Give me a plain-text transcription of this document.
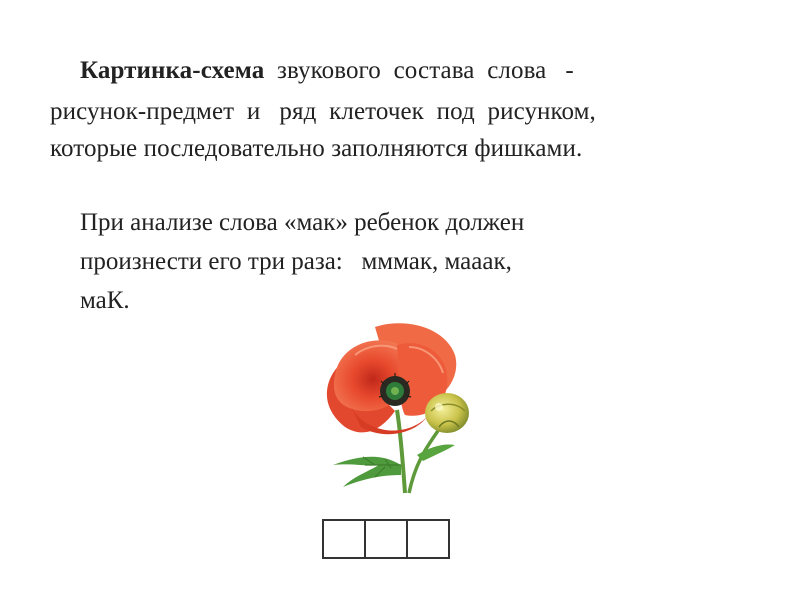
Картинка-схема  звукового  состава  слова   -
рисунок-предмет  и   ряд  клеточек  под  рисунком,
которые последовательно заполняются фишками.
При анализе слова «мак» ребенок должен
произнести его три раза:   мммак, мааак,
маК.
